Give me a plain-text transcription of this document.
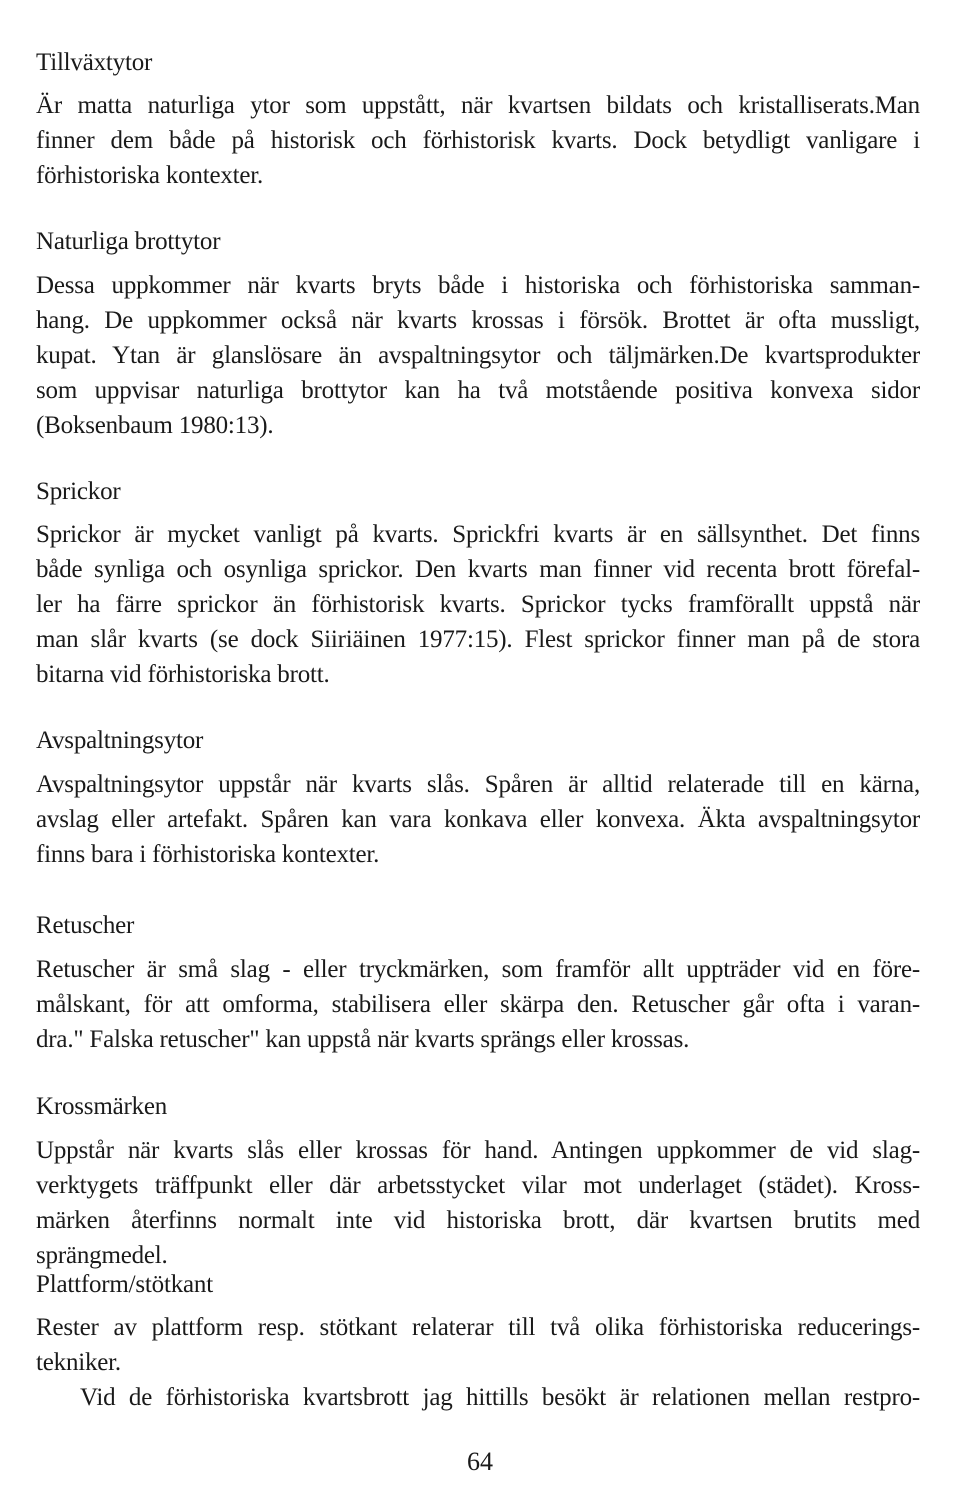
Tillväxtytor
Är matta naturliga ytor som uppstått, när kvartsen bildats och kristalliserats.Man
finner dem både på historisk och förhistorisk kvarts. Dock betydligt vanligare i
förhistoriska kontexter.
Naturliga brottytor
Dessa uppkommer när kvarts bryts både i historiska och förhistoriska samman-
hang. De uppkommer också när kvarts krossas i försök. Brottet är ofta mussligt,
kupat. Ytan är glanslösare än avspaltningsytor och täljmärken.De kvartsprodukter
som uppvisar naturliga brottytor kan ha två motstående positiva konvexa sidor
(Boksenbaum 1980:13).
Sprickor
Sprickor är mycket vanligt på kvarts. Sprickfri kvarts är en sällsynthet. Det finns
både synliga och osynliga sprickor. Den kvarts man finner vid recenta brott förefal-
ler ha färre sprickor än förhistorisk kvarts. Sprickor tycks framförallt uppstå när
man slår kvarts (se dock Siiriäinen 1977:15). Flest sprickor finner man på de stora
bitarna vid förhistoriska brott.
Avspaltningsytor
Avspaltningsytor uppstår när kvarts slås. Spåren är alltid relaterade till en kärna,
avslag eller artefakt. Spåren kan vara konkava eller konvexa. Äkta avspaltningsytor
finns bara i förhistoriska kontexter.
Retuscher
Retuscher är små slag - eller tryckmärken, som framför allt uppträder vid en före-
målskant, för att omforma, stabilisera eller skärpa den. Retuscher går ofta i varan-
dra." Falska retuscher" kan uppstå när kvarts sprängs eller krossas.
Krossmärken
Uppstår när kvarts slås eller krossas för hand. Antingen uppkommer de vid slag-
verktygets träffpunkt eller där arbetsstycket vilar mot underlaget (städet). Kross-
märken återfinns normalt inte vid historiska brott, där kvartsen brutits med
sprängmedel.
Plattform/stötkant
Rester av plattform resp. stötkant relaterar till två olika förhistoriska reducerings-
tekniker.
Vid de förhistoriska kvartsbrott jag hittills besökt är relationen mellan restpro-
64
